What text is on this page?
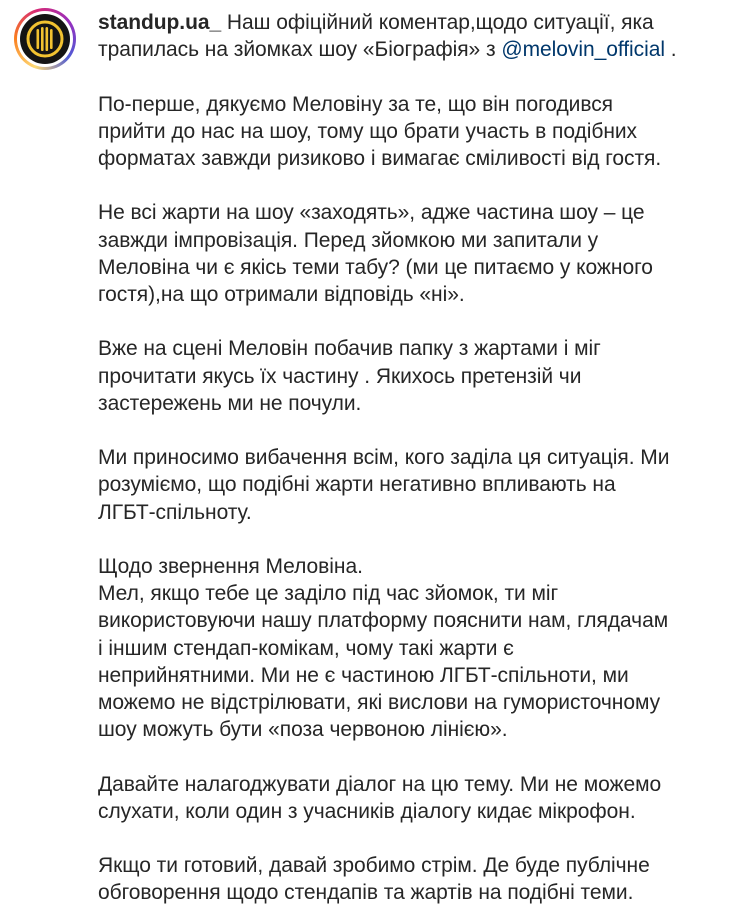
standup.ua_ Наш офіційний коментар,щодо ситуації, яка трапилась на зйомках шоу «Біографія» з @melovin_official .

По-перше, дякуємо Меловіну за те, що він погодився
прийти до нас на шоу, тому що брати участь в подібних
форматах завжди ризиково і вимагає сміливості від гостя.

Не всі жарти на шоу «заходять», адже частина шоу – це
завжди імпровізація. Перед зйомкою ми запитали у
Меловіна чи є якісь теми табу? (ми це питаємо у кожного
гостя),на що отримали відповідь «ні».

Вже на сцені Меловін побачив папку з жартами і міг
прочитати якусь їх частину . Якихось претензій чи
застережень ми не почули.

Ми приносимо вибачення всім, кого заділа ця ситуація. Ми
розуміємо, що подібні жарти негативно впливають на
ЛГБТ-спільноту.

Щодо звернення Меловіна.
Мел, якщо тебе це заділо під час зйомок, ти міг
використовуючи нашу платформу пояснити нам, глядачам
і іншим стендап-комікам, чому такі жарти є
неприйнятними. Ми не є частиною ЛГБТ-спільноти, ми
можемо не відстрілювати, які вислови на гумористочному
шоу можуть бути «поза червоною лінією».

Давайте налагоджувати діалог на цю тему. Ми не можемо
слухати, коли один з учасників діалогу кидає мікрофон.

Якщо ти готовий, давай зробимо стрім. Де буде публічне
обговорення щодо стендапів та жартів на подібні теми.
